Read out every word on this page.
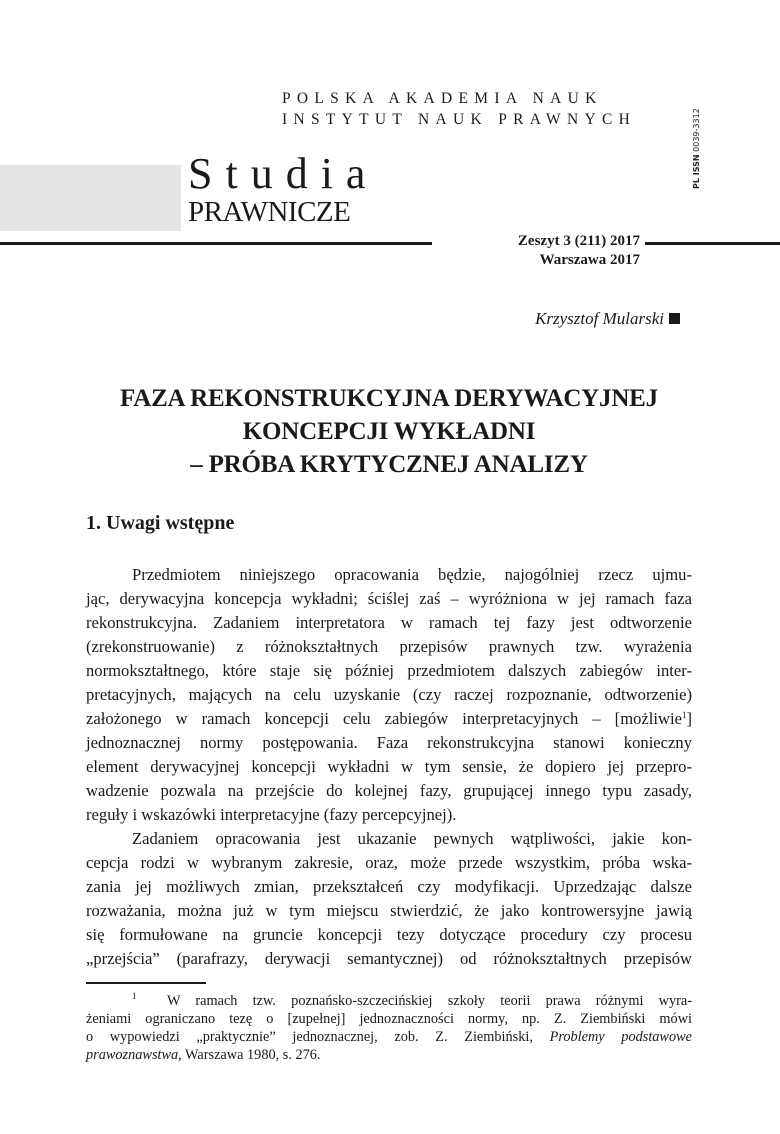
POLSKA AKADEMIA NAUK
INSTYTUT NAUK PRAWNYCH
PL ISSN 0039-3312
Studia
PRAWNICZE
Zeszyt 3 (211) 2017
Warszawa 2017
Krzysztof Mularski
FAZA REKONSTRUKCYJNA DERYWACYJNEJ
KONCEPCJI WYKŁADNI
– PRÓBA KRYTYCZNEJ ANALIZY
1. Uwagi wstępne
Przedmiotem niniejszego opracowania będzie, najogólniej rzecz ujmu-
jąc, derywacyjna koncepcja wykładni; ściślej zaś – wyróżniona w jej ramach faza
rekonstrukcyjna. Zadaniem interpretatora w ramach tej fazy jest odtworzenie
(zrekonstruowanie) z różnokształtnych przepisów prawnych tzw. wyrażenia
normokształtnego, które staje się później przedmiotem dalszych zabiegów inter-
pretacyjnych, mających na celu uzyskanie (czy raczej rozpoznanie, odtworzenie)
założonego w ramach koncepcji celu zabiegów interpretacyjnych – [możliwie$^1$]
jednoznacznej normy postępowania. Faza rekonstrukcyjna stanowi konieczny
element derywacyjnej koncepcji wykładni w tym sensie, że dopiero jej przepro-
wadzenie pozwala na przejście do kolejnej fazy, grupującej innego typu zasady,
reguły i wskazówki interpretacyjne (fazy percepcyjnej).
Zadaniem opracowania jest ukazanie pewnych wątpliwości, jakie kon-
cepcja rodzi w wybranym zakresie, oraz, może przede wszystkim, próba wska-
zania jej możliwych zmian, przekształceń czy modyfikacji. Uprzedzając dalsze
rozważania, można już w tym miejscu stwierdzić, że jako kontrowersyjne jawią
się formułowane na gruncie koncepcji tezy dotyczące procedury czy procesu
„przejścia” (parafrazy, derywacji semantycznej) od różnokształtnych przepisów
$^1$ W ramach tzw. poznańsko-szczecińskiej szkoły teorii prawa różnymi wyra-
żeniami ograniczano tezę o [zupełnej] jednoznaczności normy, np. Z. Ziembiński mówi
o wypowiedzi „praktycznie” jednoznacznej, zob. Z. Ziembiński, Problemy podstawowe
prawoznawstwa, Warszawa 1980, s. 276.
